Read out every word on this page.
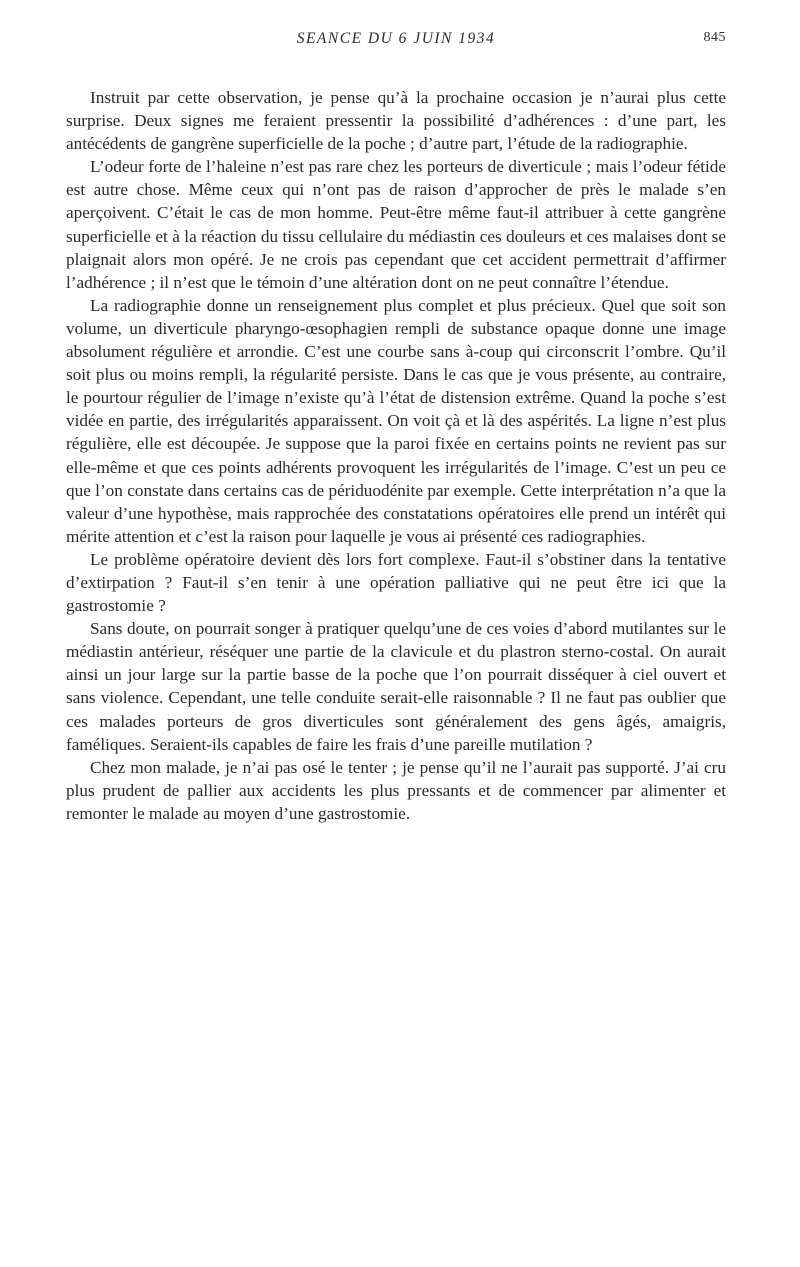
SEANCE DU 6 JUIN 1934	845

Instruit par cette observation, je pense qu’à la prochaine occasion je n’aurai plus cette surprise. Deux signes me feraient pressentir la possibilité d’adhérences : d’une part, les antécédents de gangrène superficielle de la poche ; d’autre part, l’étude de la radiographie.

L’odeur forte de l’haleine n’est pas rare chez les porteurs de diverticule ; mais l’odeur fétide est autre chose. Même ceux qui n’ont pas de raison d’approcher de près le malade s’en aperçoivent. C’était le cas de mon homme. Peut-être même faut-il attribuer à cette gangrène superficielle et à la réaction du tissu cellulaire du médiastin ces douleurs et ces malaises dont se plaignait alors mon opéré. Je ne crois pas cependant que cet accident permettrait d’affirmer l’adhérence ; il n’est que le témoin d’une altération dont on ne peut connaître l’étendue.

La radiographie donne un renseignement plus complet et plus précieux. Quel que soit son volume, un diverticule pharyngo-œsophagien rempli de substance opaque donne une image absolument régulière et arrondie. C’est une courbe sans à-coup qui circonscrit l’ombre. Qu’il soit plus ou moins rempli, la régularité persiste. Dans le cas que je vous présente, au contraire, le pourtour régulier de l’image n’existe qu’à l’état de distension extrême. Quand la poche s’est vidée en partie, des irrégularités apparaissent. On voit çà et là des aspérités. La ligne n’est plus régulière, elle est découpée. Je suppose que la paroi fixée en certains points ne revient pas sur elle-même et que ces points adhérents provoquent les irrégularités de l’image. C’est un peu ce que l’on constate dans certains cas de périduodénite par exemple. Cette interprétation n’a que la valeur d’une hypothèse, mais rapprochée des constatations opératoires elle prend un intérêt qui mérite attention et c’est la raison pour laquelle je vous ai présenté ces radiographies.

Le problème opératoire devient dès lors fort complexe. Faut-il s’obstiner dans la tentative d’extirpation ? Faut-il s’en tenir à une opération palliative qui ne peut être ici que la gastrostomie ?

Sans doute, on pourrait songer à pratiquer quelqu’une de ces voies d’abord mutilantes sur le médiastin antérieur, réséquer une partie de la clavicule et du plastron sterno-costal. On aurait ainsi un jour large sur la partie basse de la poche que l’on pourrait disséquer à ciel ouvert et sans violence. Cependant, une telle conduite serait-elle raisonnable ? Il ne faut pas oublier que ces malades porteurs de gros diverticules sont généralement des gens âgés, amaigris, faméliques. Seraient-ils capables de faire les frais d’une pareille mutilation ?

Chez mon malade, je n’ai pas osé le tenter ; je pense qu’il ne l’aurait pas supporté. J’ai cru plus prudent de pallier aux accidents les plus pressants et de commencer par alimenter et remonter le malade au moyen d’une gastrostomie.
